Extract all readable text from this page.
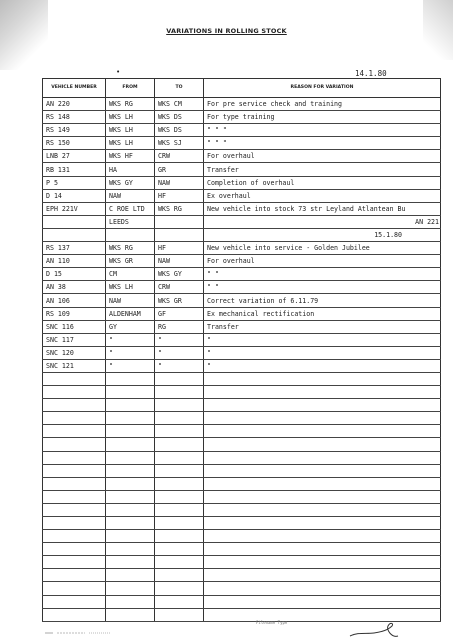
VARIATIONS IN ROLLING STOCK
•	14.1.80
VEHICLE NUMBER	FROM	TO	REASON FOR VARIATION
AN 220	WKS RG	WKS CM	For pre service check and training
RS 148	WKS LH	WKS DS	For type training
RS 149	WKS LH	WKS DS	" " "
RS 150	WKS LH	WKS SJ	" " "
LNB 27	WKS HF	CRW	For overhaul
RB 131	HA	GR	Transfer
P 5	WKS GY	NAW	Completion of overhaul
D 14	NAW	HF	Ex overhaul
EPH 221V	C ROE LTD	WKS RG	New vehicle into stock 73 str Leyland Atlantean Bu
	LEEDS		AN 221
			15.1.80
RS 137	WKS RG	HF	New vehicle into service - Golden Jubilee
AN 110	WKS GR	NAW	For overhaul
D 15	CM	WKS GY	" "
AN 38	WKS LH	CRW	" "
AN 106	NAW	WKS GR	Correct variation of 6.11.79
RS 109	ALDENHAM	GF	Ex mechanical rectification
SNC 116	GY	RG	Transfer
SNC 117	"	"	"
SNC 120	"	"	"
SNC 121	"	"	"

Filename Type
